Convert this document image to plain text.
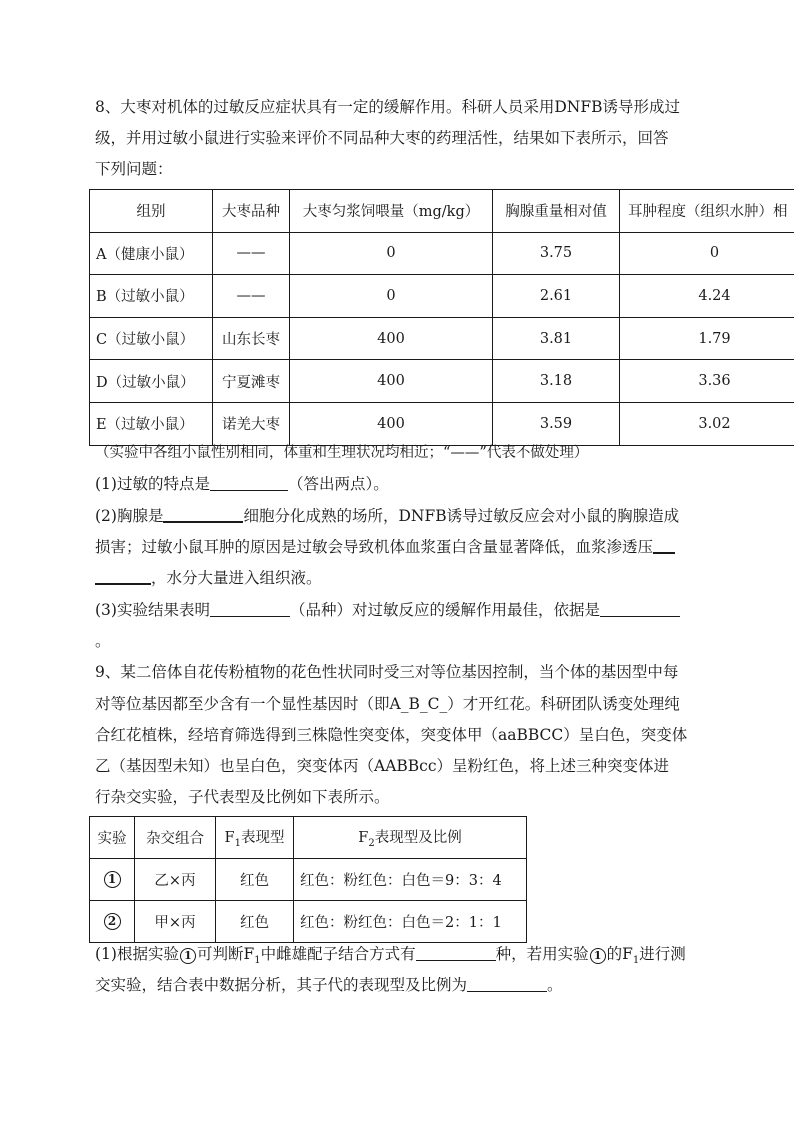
8、大枣对机体的过敏反应症状具有一定的缓解作用。科研人员采用DNFB诱导形成过

级，并用过敏小鼠进行实验来评价不同品种大枣的药理活性，结果如下表所示，回答

下列问题：

组别	大枣品种	大枣匀浆饲喂量（mg/kg）	胸腺重量相对值	耳肿程度（组织水肿）相
A（健康小鼠）	——	0	3.75	0
B（过敏小鼠）	——	0	2.61	4.24
C（过敏小鼠）	山东长枣	400	3.81	1.79
D（过敏小鼠）	宁夏滩枣	400	3.18	3.36
E（过敏小鼠）	诺羌大枣	400	3.59	3.02

（实验中各组小鼠性别相同，体重和生理状况均相近；“——”代表不做处理）

(1)过敏的特点是	（答出两点）。

(2)胸腺是	细胞分化成熟的场所，DNFB诱导过敏反应会对小鼠的胸腺造成

损害；过敏小鼠耳肿的原因是过敏会导致机体血浆蛋白含量显著降低，血浆渗透压

，水分大量进入组织液。

(3)实验结果表明	（品种）对过敏反应的缓解作用最佳，依据是

。

9、某二倍体自花传粉植物的花色性状同时受三对等位基因控制，当个体的基因型中每

对等位基因都至少含有一个显性基因时（即A_B_C_）才开红花。科研团队诱变处理纯

合红花植株，经培育筛选得到三株隐性突变体，突变体甲（aaBBCC）呈白色，突变体

乙（基因型未知）也呈白色，突变体丙（AABBcc）呈粉红色，将上述三种突变体进

行杂交实验，子代表型及比例如下表所示。

实验	杂交组合	$F_1$表现型	$F_2$表现型及比例
1	乙×丙	红色	红色：粉红色：白色＝9：3：4
2	甲×丙	红色	红色：粉红色：白色＝2：1：1

(1)根据实验 1 可判断$F_1$中雌雄配子结合方式有	种，若用实验 1 的$F_1$进行测

交实验，结合表中数据分析，其子代的表现型及比例为	。
